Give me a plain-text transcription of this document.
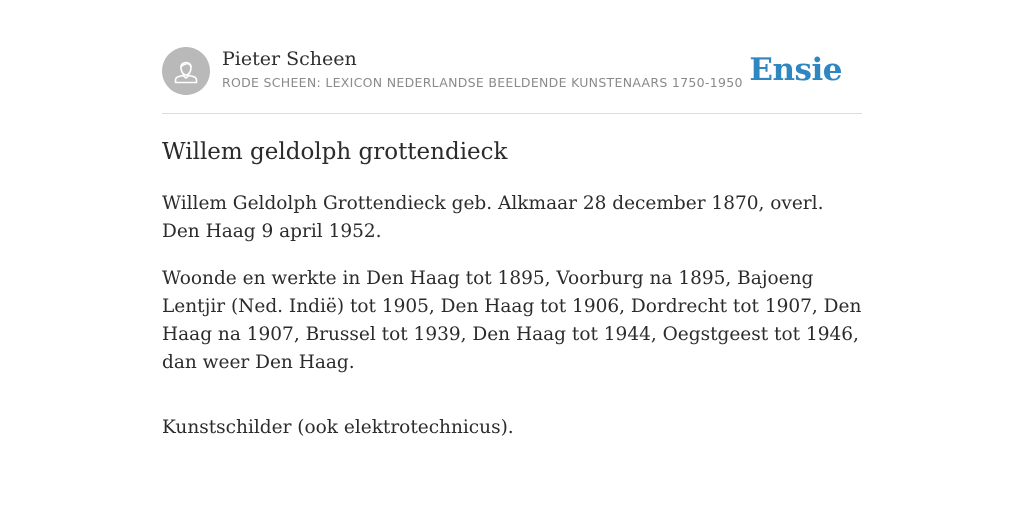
Pieter Scheen
RODE SCHEEN: LEXICON NEDERLANDSE BEELDENDE KUNSTENAARS 1750-1950 Ensie
Willem geldolph grottendieck

Willem Geldolph Grottendieck geb. Alkmaar 28 december 1870, overl. Den Haag 9 april 1952.

Woonde en werkte in Den Haag tot 1895, Voorburg na 1895, Bajoeng Lentjir (Ned. Indië) tot 1905, Den Haag tot 1906, Dordrecht tot 1907, Den Haag na 1907, Brussel tot 1939, Den Haag tot 1944, Oegstgeest tot 1946, dan weer Den Haag.

Kunstschilder (ook elektrotechnicus).
